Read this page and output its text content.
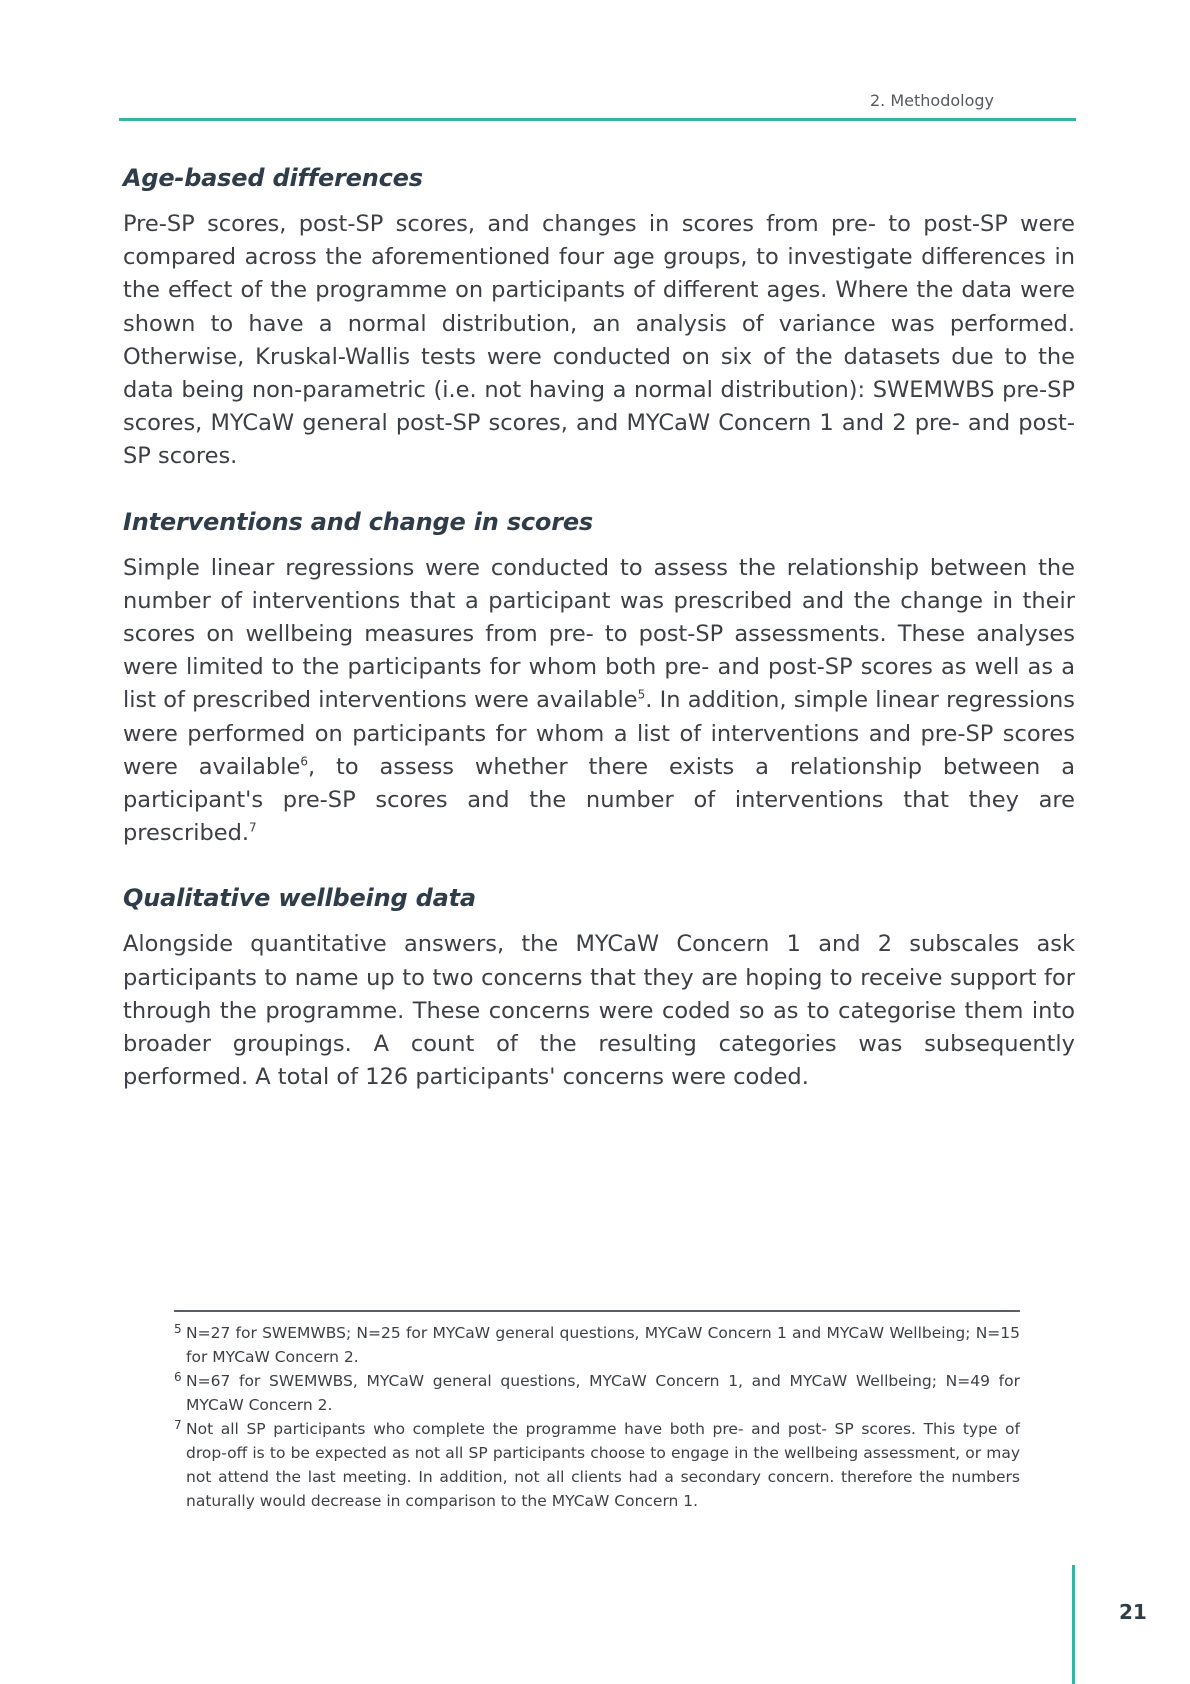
2. Methodology
Age-based differences

Pre-SP scores, post-SP scores, and changes in scores from pre- to post-SP were compared across the aforementioned four age groups, to investigate differences in the effect of the programme on participants of different ages. Where the data were shown to have a normal distribution, an analysis of variance was performed. Otherwise, Kruskal-Wallis tests were conducted on six of the datasets due to the data being non-parametric (i.e. not having a normal distribution): SWEMWBS pre-SP scores, MYCaW general post-SP scores, and MYCaW Concern 1 and 2 pre- and post-SP scores.

Interventions and change in scores

Simple linear regressions were conducted to assess the relationship between the number of interventions that a participant was prescribed and the change in their scores on wellbeing measures from pre- to post-SP assessments. These analyses were limited to the participants for whom both pre- and post-SP scores as well as a list of prescribed interventions were available$^5$. In addition, simple linear regressions were performed on participants for whom a list of interventions and pre-SP scores were available$^6$, to assess whether there exists a relationship between a participant's pre-SP scores and the number of interventions that they are prescribed.$^7$

Qualitative wellbeing data

Alongside quantitative answers, the MYCaW Concern 1 and 2 subscales ask participants to name up to two concerns that they are hoping to receive support for through the programme. These concerns were coded so as to categorise them into broader groupings. A count of the resulting categories was subsequently performed. A total of 126 participants' concerns were coded.

5 N=27 for SWEMWBS; N=25 for MYCaW general questions, MYCaW Concern 1 and MYCaW Wellbeing; N=15 for MYCaW Concern 2.
6 N=67 for SWEMWBS, MYCaW general questions, MYCaW Concern 1, and MYCaW Wellbeing; N=49 for MYCaW Concern 2.
7 Not all SP participants who complete the programme have both pre- and post- SP scores. This type of drop-off is to be expected as not all SP participants choose to engage in the wellbeing assessment, or may not attend the last meeting. In addition, not all clients had a secondary concern. therefore the numbers naturally would decrease in comparison to the MYCaW Concern 1.
21
